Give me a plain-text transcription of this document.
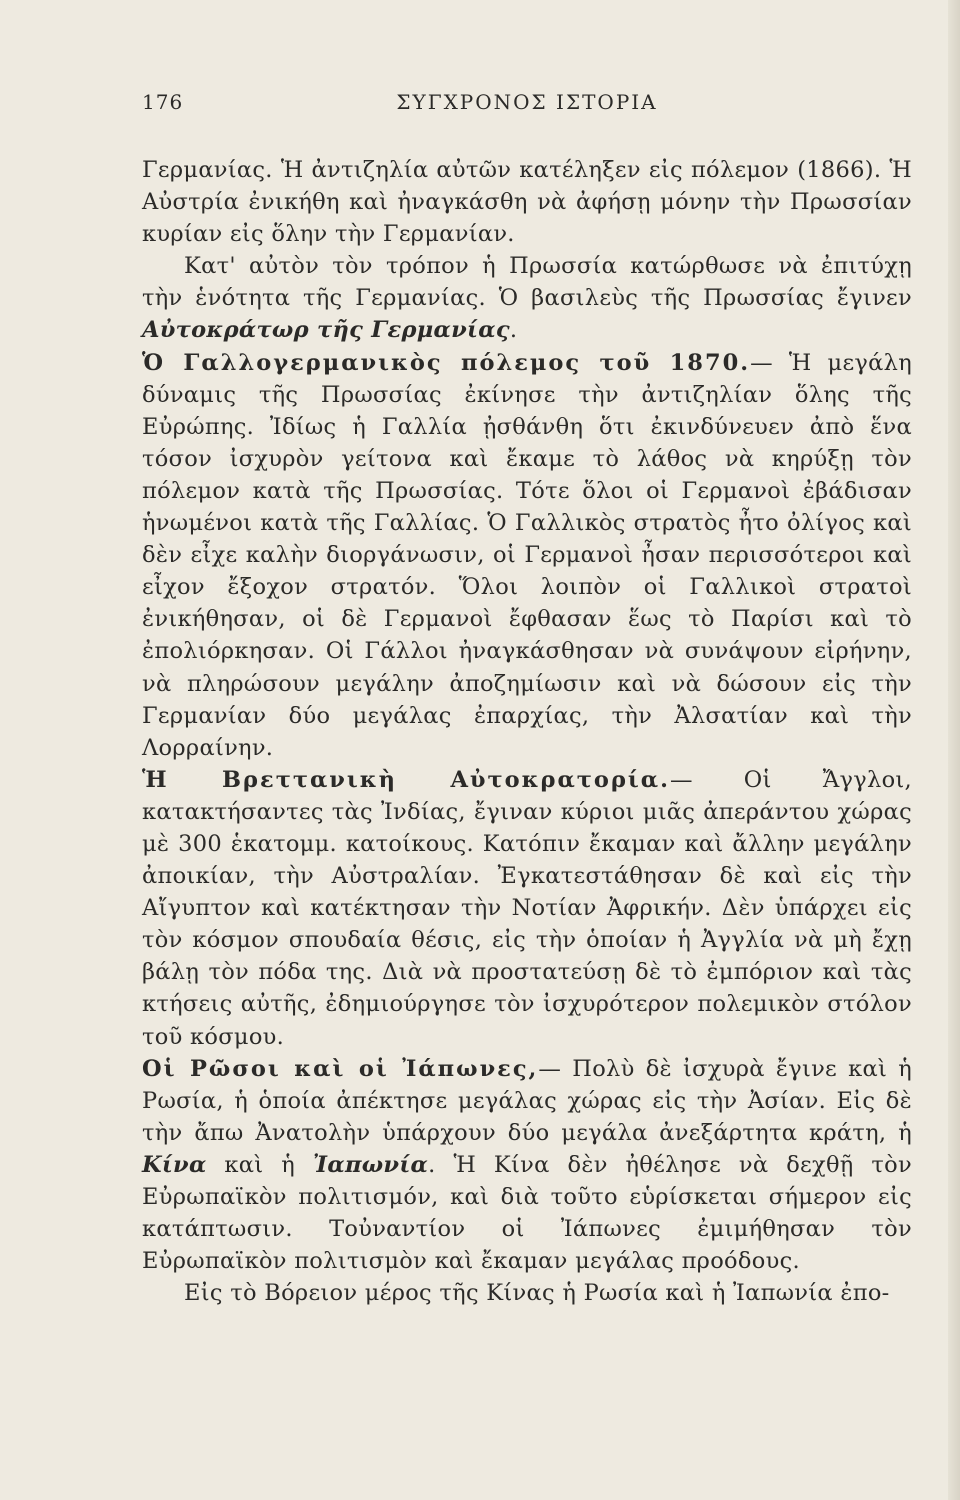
176	ΣΥΓΧΡΟΝΟΣ ΙΣΤΟΡΙΑ

Γερμανίας. Ἡ ἀντιζηλία αὐτῶν κατέληξεν εἰς πόλεμον (1866). Ἡ Αὐστρία ἐνικήθη καὶ ἠναγκάσθη νὰ ἀφήσῃ μόνην τὴν Πρωσσίαν κυρίαν εἰς ὅλην τὴν Γερμανίαν.

Κατ' αὐτὸν τὸν τρόπον ἡ Πρωσσία κατώρθωσε νὰ ἐπιτύχῃ τὴν ἑνότητα τῆς Γερμανίας. Ὁ βασιλεὺς τῆς Πρωσσίας ἔγινεν Αὐτοκράτωρ τῆς Γερμανίας.

Ὁ Γαλλογερμανικὸς πόλεμος τοῦ 1870.— Ἡ μεγάλη δύναμις τῆς Πρωσσίας ἐκίνησε τὴν ἀντιζηλίαν ὅλης τῆς Εὐρώπης. Ἰδίως ἡ Γαλλία ᾐσθάνθη ὅτι ἐκινδύνευεν ἀπὸ ἕνα τόσον ἰσχυρὸν γείτονα καὶ ἔκαμε τὸ λάθος νὰ κηρύξῃ τὸν πόλεμον κατὰ τῆς Πρωσσίας. Τότε ὅλοι οἱ Γερμανοὶ ἐβάδισαν ἡνωμένοι κατὰ τῆς Γαλλίας. Ὁ Γαλλικὸς στρατὸς ἦτο ὀλίγος καὶ δὲν εἶχε καλὴν διοργάνωσιν, οἱ Γερμανοὶ ἦσαν περισσότεροι καὶ εἶχον ἔξοχον στρατόν. Ὅλοι λοιπὸν οἱ Γαλλικοὶ στρατοὶ ἐνικήθησαν, οἱ δὲ Γερμανοὶ ἔφθασαν ἕως τὸ Παρίσι καὶ τὸ ἐπολιόρκησαν. Οἱ Γάλλοι ἠναγκάσθησαν νὰ συνάψουν εἰρήνην, νὰ πληρώσουν μεγάλην ἀποζημίωσιν καὶ νὰ δώσουν εἰς τὴν Γερμανίαν δύο μεγάλας ἐπαρχίας, τὴν Ἀλσατίαν καὶ τὴν Λορραίνην.

Ἡ Βρεττανικὴ Αὐτοκρατορία.— Οἱ Ἄγγλοι, κατακτήσαντες τὰς Ἰνδίας, ἔγιναν κύριοι μιᾶς ἀπεράντου χώρας μὲ 300 ἑκατομμ. κατοίκους. Κατόπιν ἔκαμαν καὶ ἄλλην μεγάλην ἀποικίαν, τὴν Αὐστραλίαν. Ἐγκατεστάθησαν δὲ καὶ εἰς τὴν Αἴγυπτον καὶ κατέκτησαν τὴν Νοτίαν Ἀφρικήν. Δὲν ὑπάρχει εἰς τὸν κόσμον σπουδαία θέσις, εἰς τὴν ὁποίαν ἡ Ἀγγλία νὰ μὴ ἔχῃ βάλῃ τὸν πόδα της. Διὰ νὰ προστατεύσῃ δὲ τὸ ἐμπόριον καὶ τὰς κτήσεις αὐτῆς, ἐδημιούργησε τὸν ἰσχυρότερον πολεμικὸν στόλον τοῦ κόσμου.

Οἱ Ρῶσοι καὶ οἱ Ἰάπωνες,— Πολὺ δὲ ἰσχυρὰ ἔγινε καὶ ἡ Ρωσία, ἡ ὁποία ἀπέκτησε μεγάλας χώρας εἰς τὴν Ἀσίαν. Εἰς δὲ τὴν ἄπω Ἀνατολὴν ὑπάρχουν δύο μεγάλα ἀνεξάρτητα κράτη, ἡ Κίνα καὶ ἡ Ἰαπωνία. Ἡ Κίνα δὲν ἠθέλησε νὰ δεχθῇ τὸν Εὐρωπαϊκὸν πολιτισμόν, καὶ διὰ τοῦτο εὑρίσκεται σήμερον εἰς κατάπτωσιν. Τοὐναντίον οἱ Ἰάπωνες ἐμιμήθησαν τὸν Εὐρωπαϊκὸν πολιτισμὸν καὶ ἔκαμαν μεγάλας προόδους.

Εἰς τὸ Βόρειον μέρος τῆς Κίνας ἡ Ρωσία καὶ ἡ Ἰαπωνία ἐπο-
